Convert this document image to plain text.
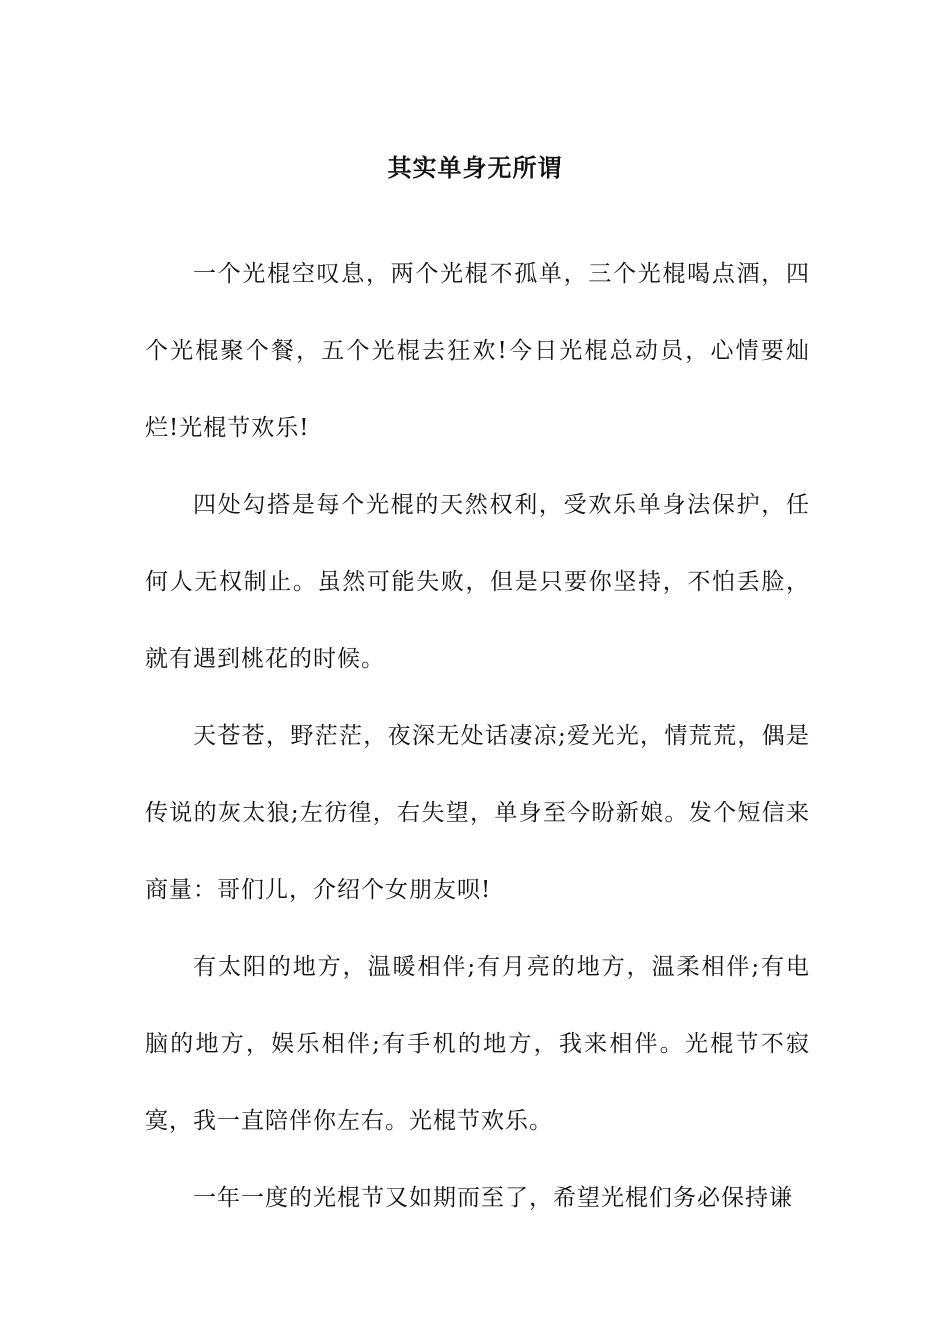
其实单身无所谓

一个光棍空叹息，两个光棍不孤单，三个光棍喝点酒，四个光棍聚个餐，五个光棍去狂欢!今日光棍总动员，心情要灿烂!光棍节欢乐!

四处勾搭是每个光棍的天然权利，受欢乐单身法保护，任何人无权制止。虽然可能失败，但是只要你坚持，不怕丢脸，就有遇到桃花的时候。

天苍苍，野茫茫，夜深无处话凄凉;爱光光，情荒荒，偶是传说的灰太狼;左彷徨，右失望，单身至今盼新娘。发个短信来商量：哥们儿，介绍个女朋友呗!

有太阳的地方，温暖相伴;有月亮的地方，温柔相伴;有电脑的地方，娱乐相伴;有手机的地方，我来相伴。光棍节不寂寞，我一直陪伴你左右。光棍节欢乐。

一年一度的光棍节又如期而至了，希望光棍们务必保持谦
